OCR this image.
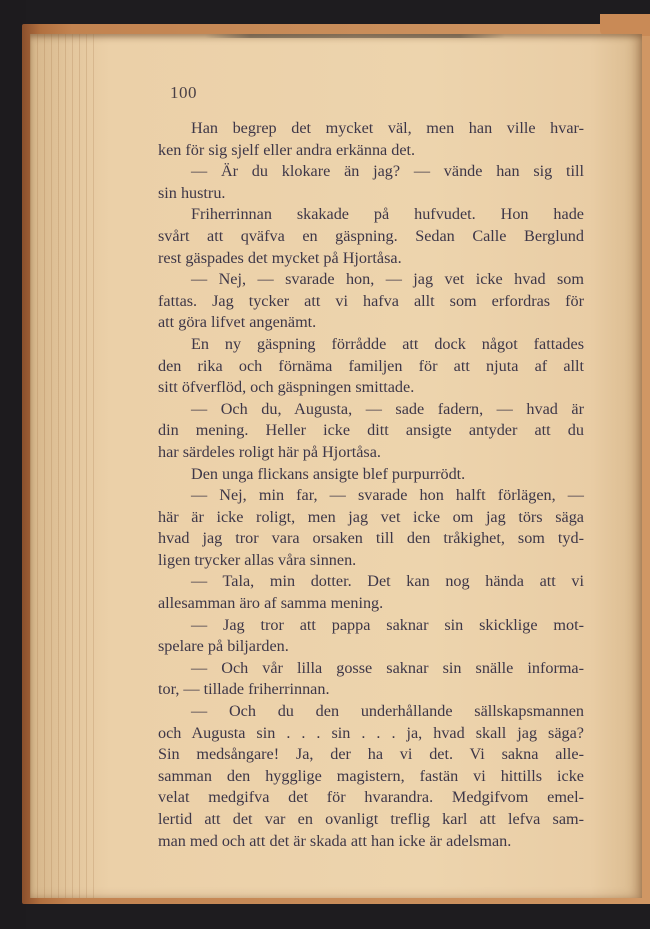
100
Han begrep det mycket väl, men han ville hvar-
ken för sig sjelf eller andra erkänna det.
— Är du klokare än jag? — vände han sig till
sin hustru.
Friherrinnan skakade på hufvudet. Hon hade
svårt att qväfva en gäspning. Sedan Calle Berglund
rest gäspades det mycket på Hjortåsa.
— Nej, — svarade hon, — jag vet icke hvad som
fattas. Jag tycker att vi hafva allt som erfordras för
att göra lifvet angenämt.
En ny gäspning förrådde att dock något fattades
den rika och förnäma familjen för att njuta af allt
sitt öfverflöd, och gäspningen smittade.
— Och du, Augusta, — sade fadern, — hvad är
din mening. Heller icke ditt ansigte antyder att du
har särdeles roligt här på Hjortåsa.
Den unga flickans ansigte blef purpurrödt.
— Nej, min far, — svarade hon halft förlägen, —
här är icke roligt, men jag vet icke om jag törs säga
hvad jag tror vara orsaken till den tråkighet, som tyd-
ligen trycker allas våra sinnen.
— Tala, min dotter. Det kan nog hända att vi
allesamman äro af samma mening.
— Jag tror att pappa saknar sin skicklige mot-
spelare på biljarden.
— Och vår lilla gosse saknar sin snälle informa-
tor, — tillade friherrinnan.
— Och du den underhållande sällskapsmannen
och Augusta sin . . . sin . . . ja, hvad skall jag säga?
Sin medsångare! Ja, der ha vi det. Vi sakna alle-
samman den hygglige magistern, fastän vi hittills icke
velat medgifva det för hvarandra. Medgifvom emel-
lertid att det var en ovanligt treflig karl att lefva sam-
man med och att det är skada att han icke är adelsman.
